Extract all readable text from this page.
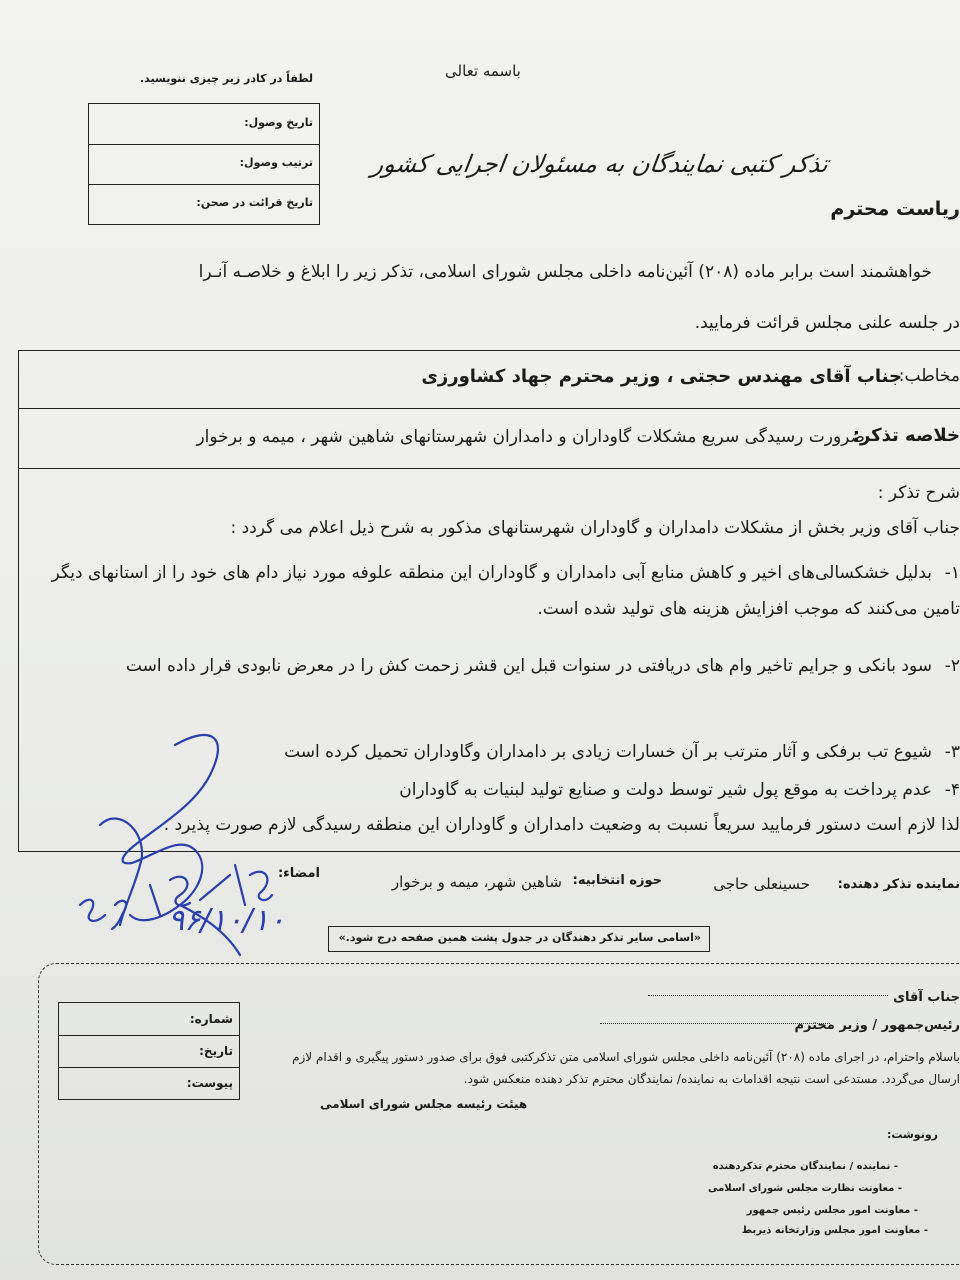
باسمه تعالی
لطفاً در کادر زیر چیزی ننویسید.
تاریخ وصول:
ترتیب وصول:
تاریخ قرائت در صحن:
تذکر کتبی نمایندگان به مسئولان اجرایی کشور
ریاست محترم
خواهشمند است برابر ماده (۲۰۸) آئین‌نامه داخلی مجلس شورای اسلامی، تذکر زیر را ابلاغ و خلاصـه آنـرا
در جلسه علنی مجلس قرائت فرمایید.
مخاطب:
جناب آقای مهندس حجتی ، وزیر محترم جهاد کشاورزی
خلاصه تذکر:
ضرورت رسیدگی سریع مشکلات گاوداران و دامداران شهرستانهای شاهین شهر ، میمه و برخوار
شرح تذکر :
جناب آقای وزیر بخش از مشکلات دامداران و گاوداران شهرستانهای مذکور به شرح ذیل اعلام می گردد :
۱-بدلیل خشکسالی‌های اخیر و کاهش منابع آبی دامداران و گاوداران این منطقه علوفه مورد نیاز دام های خود را از استانهای دیگر تامین می‌کنند که موجب افزایش هزینه های تولید شده است.
۲-سود بانکی و جرایم تاخیر وام های دریافتی در سنوات قبل این قشر زحمت کش را در معرض نابودی قرار داده است
۳-شیوع تب برفکی و آثار مترتب بر آن خسارات زیادی بر دامداران وگاوداران تحمیل کرده است
۴-عدم پرداخت به موقع پول شیر توسط دولت و صنایع تولید لبنیات به گاوداران
لذا لازم است دستور فرمایید سریعاً نسبت به وضعیت دامداران و گاوداران این منطقه رسیدگی لازم صورت پذیرد .
نماینده تذکر دهنده:
حسینعلی حاجی
حوزه انتخابیه:
شاهین شهر، میمه و برخوار
امضاء:
۹۶/۱۰/۱۰	«اسامی سایر تذکر دهندگان در جدول پشت همین صفحه درج شود.»
جناب آقای
رئیس‌جمهور / وزیر محترم
باسلام واحترام، در اجرای ماده (۲۰۸) آئین‌نامه داخلی مجلس شورای اسلامی متن تذکرکتبی فوق برای صدور دستور پیگیری و اقدام لازم
ارسال می‌گردد. مستدعی است نتیجه اقدامات به نماینده/ نمایندگان محترم تذکر دهنده منعکس شود.
هیئت رئیسه مجلس شورای اسلامی
شماره:
تاریخ:
پیوست:
رونوشت:
- نماینده / نمایندگان محترم تذکردهنده
- معاونت نظارت مجلس شورای اسلامی
- معاونت امور مجلس رئیس جمهور
- معاونت امور مجلس وزارتخانه ذیربط
